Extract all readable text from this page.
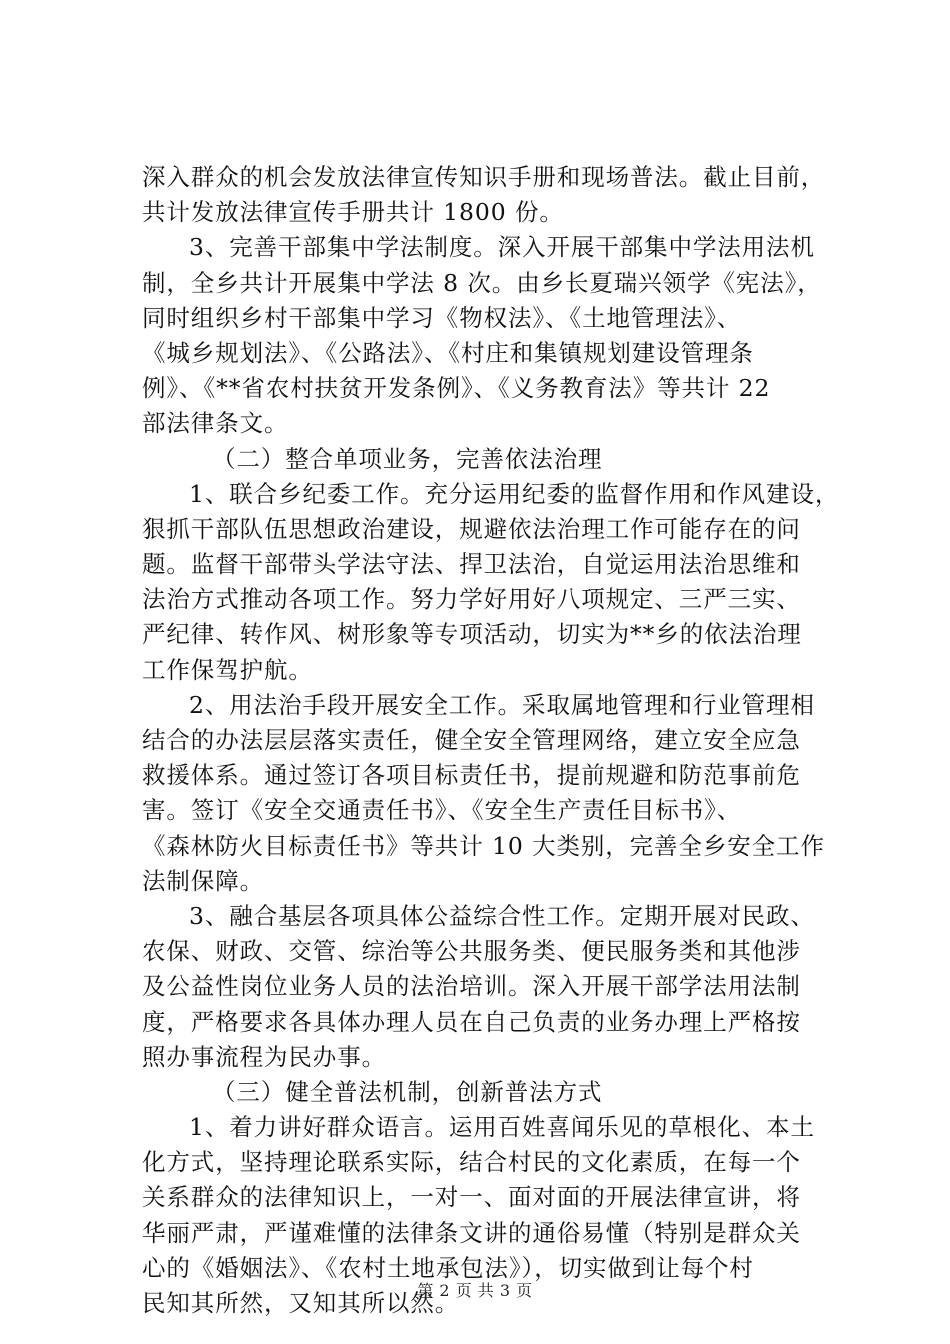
深入群众的机会发放法律宣传知识手册和现场普法。截止目前，
共计发放法律宣传手册共计 1800 份。
3、完善干部集中学法制度。深入开展干部集中学法用法机
制，全乡共计开展集中学法 8 次。由乡长夏瑞兴领学《宪法》，
同时组织乡村干部集中学习《物权法》、《土地管理法》、
《城乡规划法》、《公路法》、《村庄和集镇规划建设管理条
例》、《**省农村扶贫开发条例》、《义务教育法》等共计 22
部法律条文。
（二）整合单项业务，完善依法治理
1、联合乡纪委工作。充分运用纪委的监督作用和作风建设，
狠抓干部队伍思想政治建设，规避依法治理工作可能存在的问
题。监督干部带头学法守法、捍卫法治，自觉运用法治思维和
法治方式推动各项工作。努力学好用好八项规定、三严三实、
严纪律、转作风、树形象等专项活动，切实为**乡的依法治理
工作保驾护航。
2、用法治手段开展安全工作。采取属地管理和行业管理相
结合的办法层层落实责任，健全安全管理网络，建立安全应急
救援体系。通过签订各项目标责任书，提前规避和防范事前危
害。签订《安全交通责任书》、《安全生产责任目标书》、
《森林防火目标责任书》等共计 10 大类别，完善全乡安全工作
法制保障。
3、融合基层各项具体公益综合性工作。定期开展对民政、
农保、财政、交管、综治等公共服务类、便民服务类和其他涉
及公益性岗位业务人员的法治培训。深入开展干部学法用法制
度，严格要求各具体办理人员在自己负责的业务办理上严格按
照办事流程为民办事。
（三）健全普法机制，创新普法方式
1、着力讲好群众语言。运用百姓喜闻乐见的草根化、本土
化方式，坚持理论联系实际，结合村民的文化素质，在每一个
关系群众的法律知识上，一对一、面对面的开展法律宣讲，将
华丽严肃，严谨难懂的法律条文讲的通俗易懂（特别是群众关
心的《婚姻法》、《农村土地承包法》），切实做到让每个村
民知其所然，又知其所以然。
第 2 页 共 3 页
